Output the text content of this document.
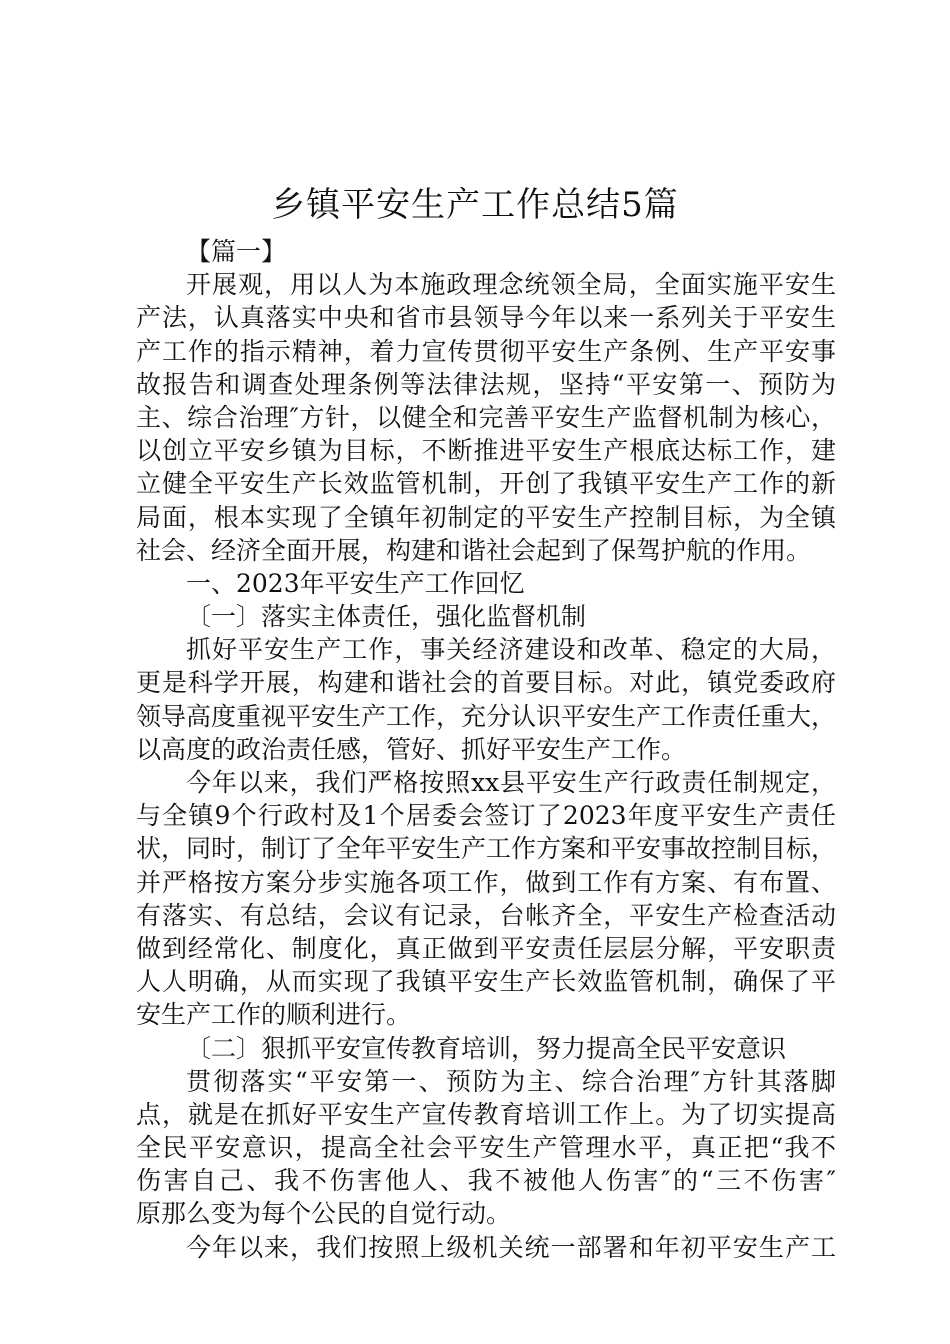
乡镇平安生产工作总结5篇
【篇一】
开展观，用以人为本施政理念统领全局，全面实施平安生
产法，认真落实中央和省市县领导今年以来一系列关于平安生
产工作的指示精神，着力宣传贯彻平安生产条例、生产平安事
故报告和调查处理条例等法律法规，坚持“平安第一、预防为
主、综合治理″方针，以健全和完善平安生产监督机制为核心，
以创立平安乡镇为目标，不断推进平安生产根底达标工作，建
立健全平安生产长效监管机制，开创了我镇平安生产工作的新
局面，根本实现了全镇年初制定的平安生产控制目标，为全镇
社会、经济全面开展，构建和谐社会起到了保驾护航的作用。
一、2023年平安生产工作回忆
〔一〕落实主体责任，强化监督机制
抓好平安生产工作，事关经济建设和改革、稳定的大局，
更是科学开展，构建和谐社会的首要目标。对此，镇党委政府
领导高度重视平安生产工作，充分认识平安生产工作责任重大，
以高度的政治责任感，管好、抓好平安生产工作。
今年以来，我们严格按照xx县平安生产行政责任制规定，
与全镇9个行政村及1个居委会签订了2023年度平安生产责任
状，同时，制订了全年平安生产工作方案和平安事故控制目标，
并严格按方案分步实施各项工作，做到工作有方案、有布置、
有落实、有总结，会议有记录，台帐齐全，平安生产检查活动
做到经常化、制度化，真正做到平安责任层层分解，平安职责
人人明确，从而实现了我镇平安生产长效监管机制，确保了平
安生产工作的顺利进行。
〔二〕狠抓平安宣传教育培训，努力提高全民平安意识
贯彻落实“平安第一、预防为主、综合治理″方针其落脚
点，就是在抓好平安生产宣传教育培训工作上。为了切实提高
全民平安意识，提高全社会平安生产管理水平，真正把“我不
伤害自己、我不伤害他人、我不被他人伤害″的“三不伤害″
原那么变为每个公民的自觉行动。
今年以来，我们按照上级机关统一部署和年初平安生产工
